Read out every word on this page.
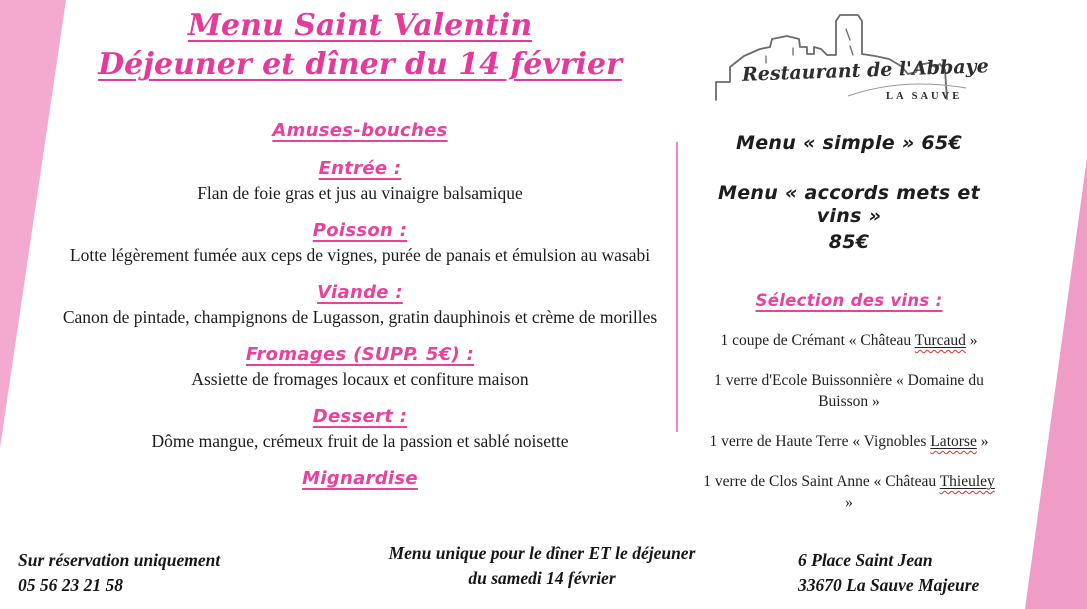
Menu Saint Valentin
Déjeuner et dîner du 14 février	Restaurant de l'Abbaye
LA SAUVE
Amuses-bouches
Entrée :

Flan de foie gras et jus au vinaigre balsamique

Poisson :

Lotte légèrement fumée aux ceps de vignes, purée de panais et émulsion au wasabi

Viande :

Canon de pintade, champignons de Lugasson, gratin dauphinois et crème de morilles

Fromages (SUPP. 5€) :

Assiette de fromages locaux et confiture maison

Dessert :

Dôme mangue, crémeux fruit de la passion et sablé noisette

Mignardise

Menu « simple » 65€

Menu « accords mets et vins »

85€

Sélection des vins :

1 coupe de Crémant « Château Turcaud »

1 verre d'Ecole Buissonnière « Domaine du Buisson »

1 verre de Haute Terre « Vignobles Latorse »

1 verre de Clos Saint Anne « Château Thieuley »

Sur réservation uniquement
05 56 23 21 58
Menu unique pour le dîner ET le déjeuner
du samedi 14 février
6 Place Saint Jean
33670 La Sauve Majeure
